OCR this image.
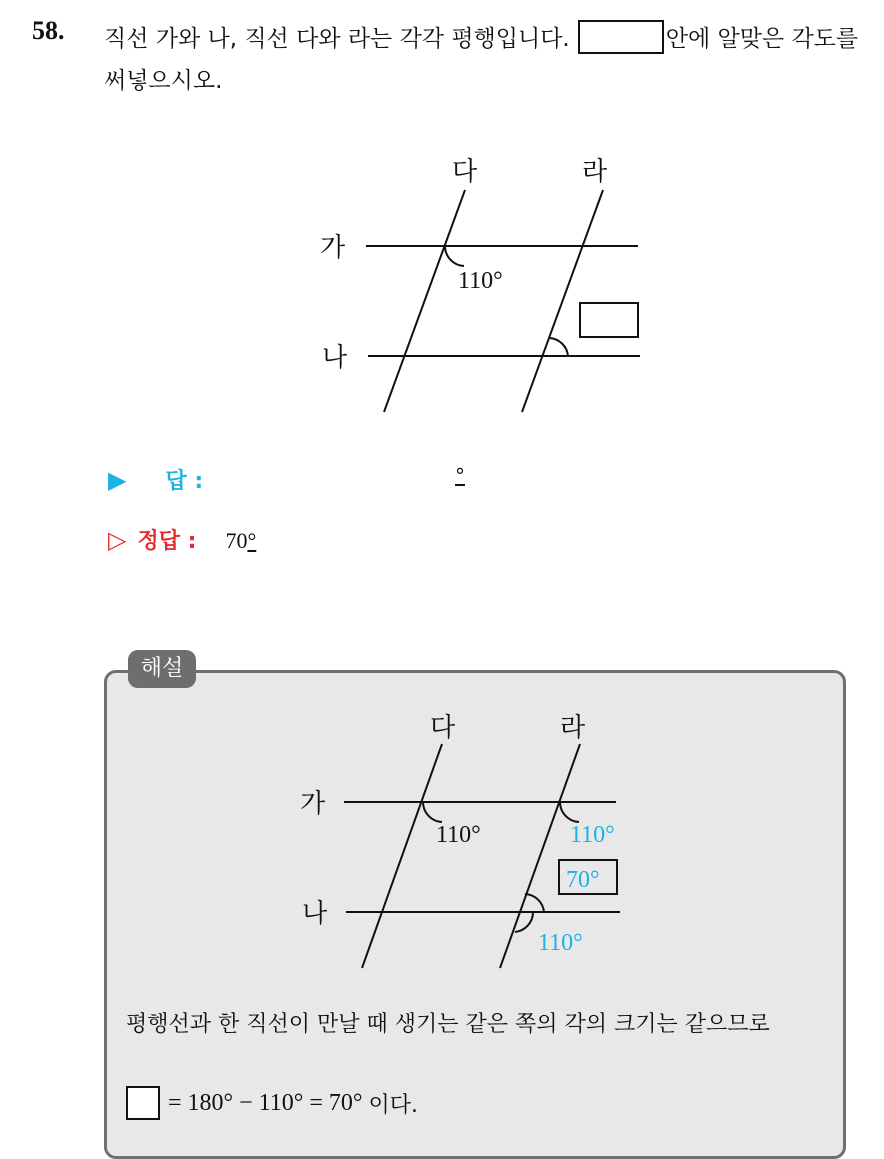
58. 직선 가와 나, 직선 다와 라는 각각 평행입니다.	안에 알맞은 각도를 써넣으시오.
가
나
다	라
110°
▶ 답 :	°
▷ 정답 : 70°
해설
가
나
다	라
110°	110°
70°
110°
평행선과 한 직선이 만날 때 생기는 같은 쪽의 각의 크기는 같으므로
= 180° − 110° = 70° 이다.
